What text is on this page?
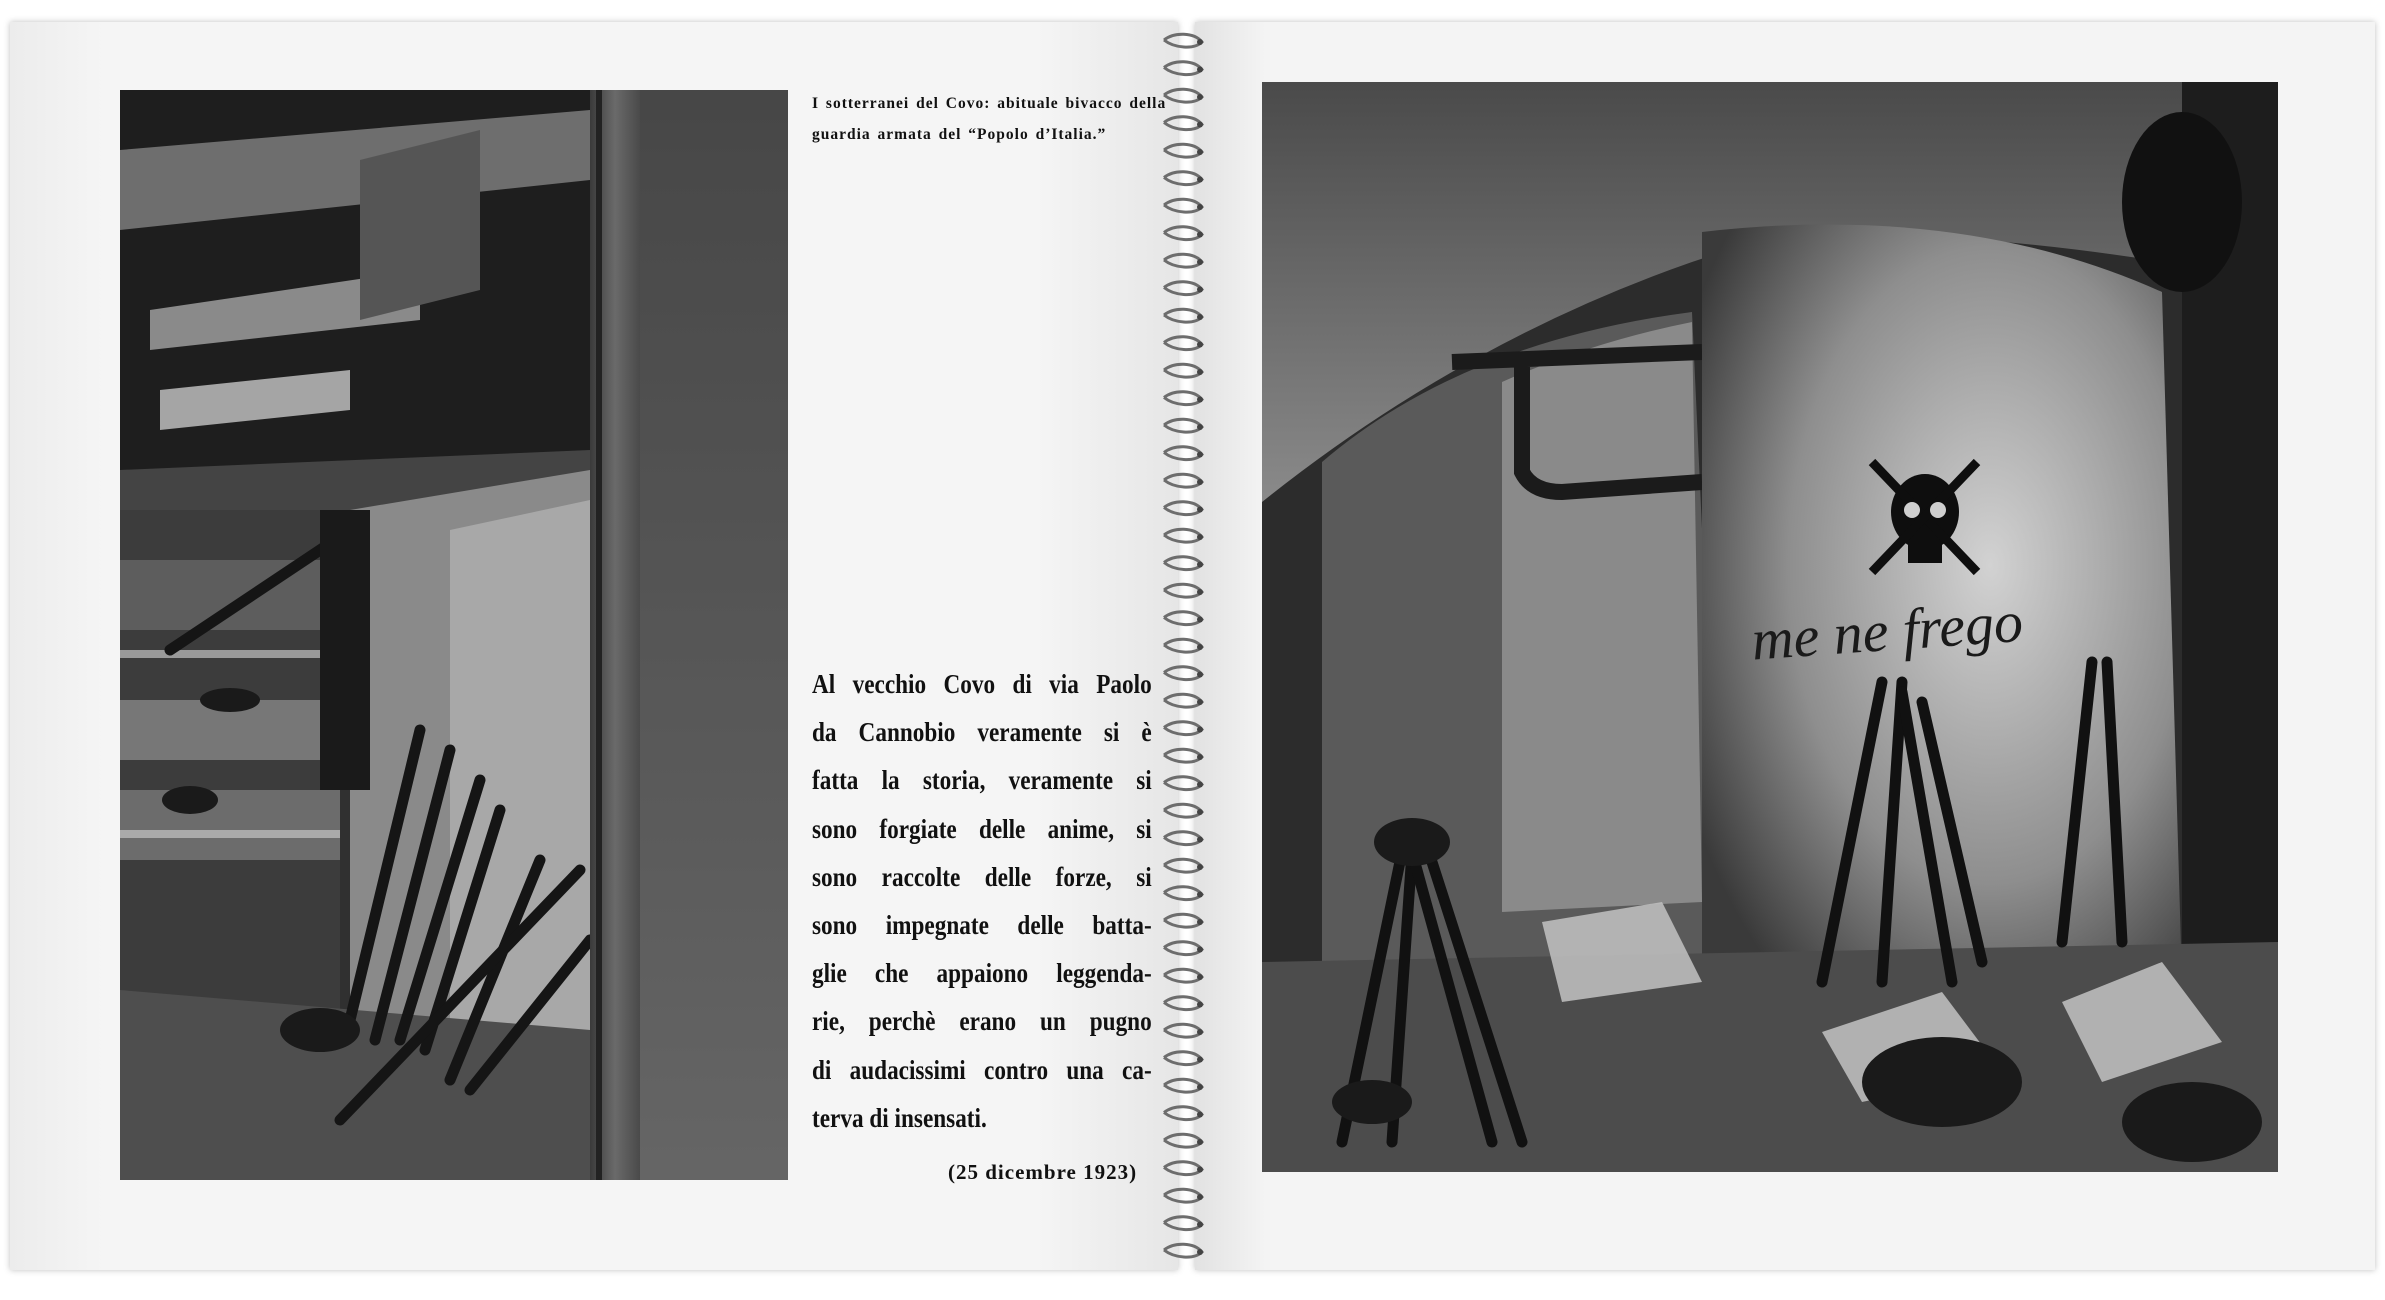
I sotterranei del Covo: abituale bivacco della
guardia armata del “Popolo d’Italia.”
Al vecchio Covo di via Paolo
da Cannobio veramente si è
fatta la storia, veramente si
sono forgiate delle anime, si
sono raccolte delle forze, si
sono impegnate delle batta-
glie che appaiono leggenda-
rie, perchè erano un pugno
di audacissimi contro una ca-
terva di insensati.
(25 dicembre 1923)
me ne frego
